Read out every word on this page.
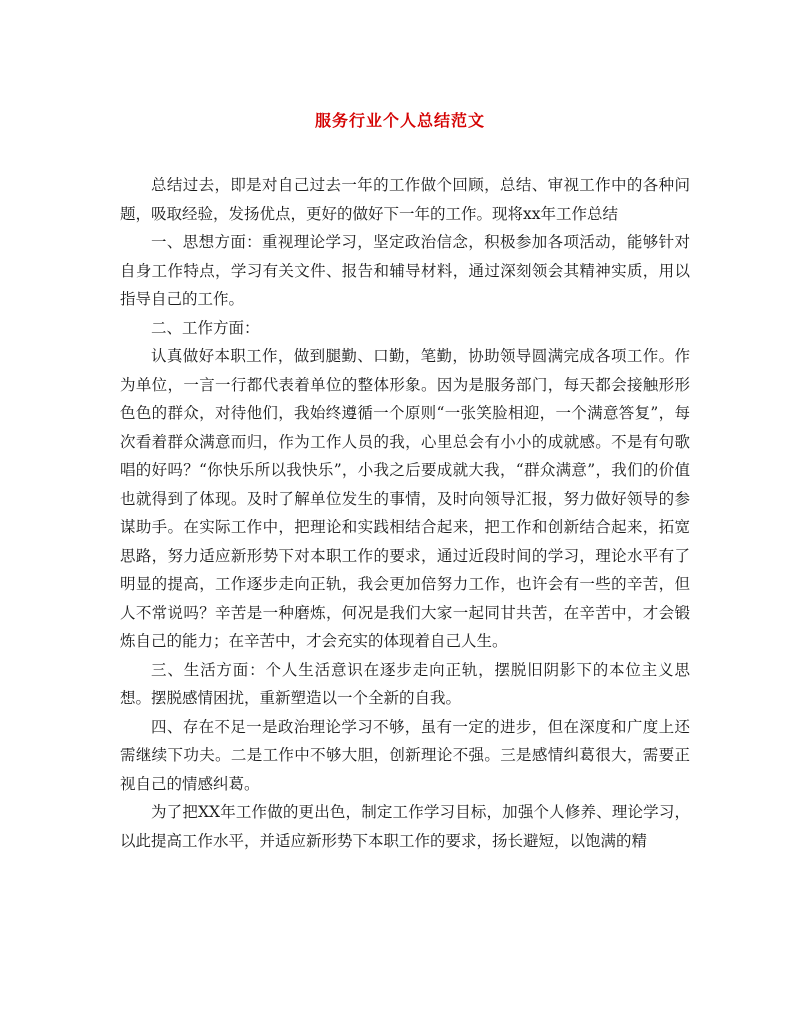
服务行业个人总结范文

总结过去，即是对自己过去一年的工作做个回顾，总结、审视工作中的各种问题，吸取经验，发扬优点，更好的做好下一年的工作。现将xx年工作总结

一、思想方面：重视理论学习，坚定政治信念，积极参加各项活动，能够针对自身工作特点，学习有关文件、报告和辅导材料，通过深刻领会其精神实质，用以指导自己的工作。

二、工作方面：

认真做好本职工作，做到腿勤、口勤，笔勤，协助领导圆满完成各项工作。作为单位，一言一行都代表着单位的整体形象。因为是服务部门，每天都会接触形形色色的群众，对待他们，我始终遵循一个原则“一张笑脸相迎，一个满意答复”，每次看着群众满意而归，作为工作人员的我，心里总会有小小的成就感。不是有句歌唱的好吗？“你快乐所以我快乐”，小我之后要成就大我，“群众满意”，我们的价值也就得到了体现。及时了解单位发生的事情，及时向领导汇报，努力做好领导的参谋助手。在实际工作中，把理论和实践相结合起来，把工作和创新结合起来，拓宽思路，努力适应新形势下对本职工作的要求，通过近段时间的学习，理论水平有了明显的提高，工作逐步走向正轨，我会更加倍努力工作，也许会有一些的辛苦，但人不常说吗？辛苦是一种磨炼，何况是我们大家一起同甘共苦，在辛苦中，才会锻炼自己的能力；在辛苦中，才会充实的体现着自己人生。

三、生活方面：个人生活意识在逐步走向正轨，摆脱旧阴影下的本位主义思想。摆脱感情困扰，重新塑造以一个全新的自我。

四、存在不足一是政治理论学习不够，虽有一定的进步，但在深度和广度上还需继续下功夫。二是工作中不够大胆，创新理论不强。三是感情纠葛很大，需要正视自己的情感纠葛。

为了把XX年工作做的更出色，制定工作学习目标，加强个人修养、理论学习，以此提高工作水平，并适应新形势下本职工作的要求，扬长避短，以饱满的精
